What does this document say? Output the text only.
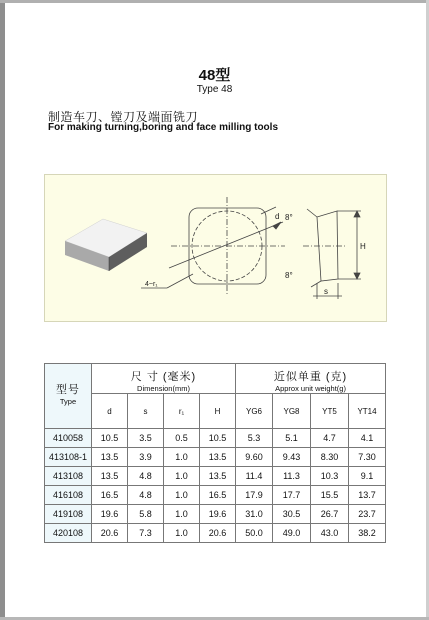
48型
Type 48
制造车刀、镗刀及端面铣刀
For making turning,boring and face milling tools
d
4~r₁
8°
8°
H
s
型号
Type	尺 寸 (毫米)
Dimension(mm)				近似单重 (克)
Approx unit weight(g)			

	d	s	r₁	H	YG6	YG8	YT5	YT14
410058	10.5	3.5	0.5	10.5	5.3	5.1	4.7	4.1
413108-1	13.5	3.9	1.0	13.5	9.60	9.43	8.30	7.30
413108	13.5	4.8	1.0	13.5	11.4	11.3	10.3	9.1
416108	16.5	4.8	1.0	16.5	17.9	17.7	15.5	13.7
419108	19.6	5.8	1.0	19.6	31.0	30.5	26.7	23.7
420108	20.6	7.3	1.0	20.6	50.0	49.0	43.0	38.2
